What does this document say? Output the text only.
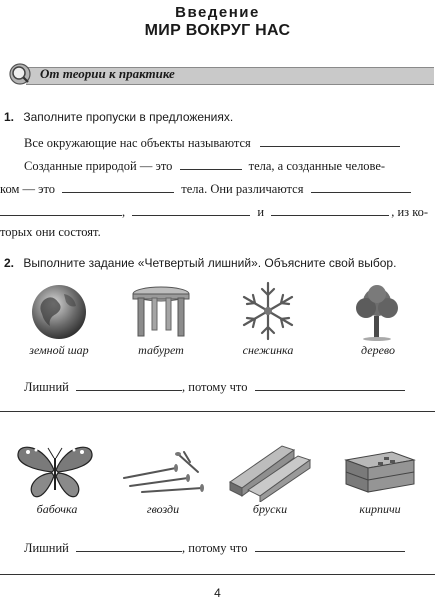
Введение
МИР ВОКРУГ НАС
От теории к практике
1. Заполните пропуски в предложениях.
Все окружающие нас объекты называются
Созданные природой — это	тела, а созданные челове-
ком — это	тела. Они различаются
,	и	, из ко-
торых они состоят.
2. Выполните задание «Четвертый лишний». Объясните свой выбор.
земной шар	табурет	снежинка	дерево
Лишний	, потому что
бабочка	гвозди	бруски	кирпичи
Лишний	, потому что
4
